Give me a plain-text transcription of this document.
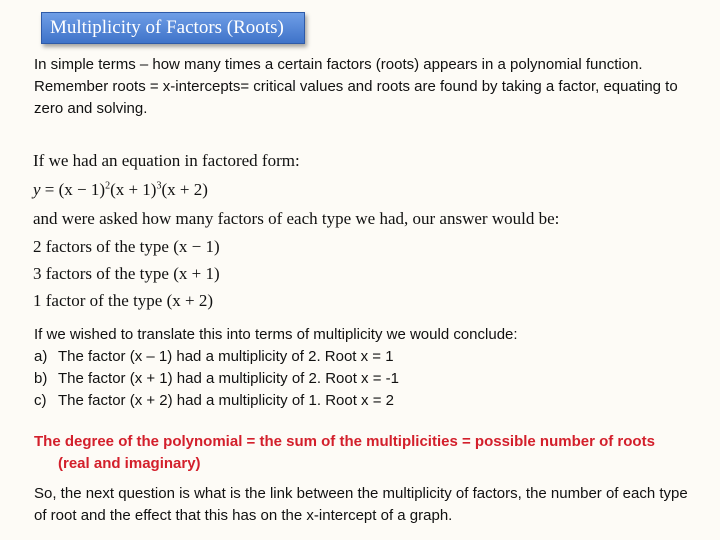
Multiplicity of Factors (Roots)

In simple terms – how many times a certain factors (roots) appears in a polynomial function.

Remember roots = x-intercepts= critical values and roots are found by taking a factor, equating to zero and solving.

If we had an equation in factored form:
$y = (x - 1)^2(x + 1)^3(x + 2)$
and were asked how many factors of each type we had, our answer would be:
2 factors of the type (x − 1)
3 factors of the type (x + 1)
1 factor of the type (x + 2)
If we wished to translate this into terms of multiplicity we would conclude:
a) The factor (x – 1) had a multiplicity of 2. Root x = 1
b) The factor (x + 1) had a multiplicity of 2. Root x = -1
c) The factor (x + 2) had a multiplicity of 1. Root x = 2
The degree of the polynomial = the sum of the multiplicities = possible number of roots
(real and imaginary)
So, the next question is what is the link between the multiplicity of factors, the number of each type of root and the effect that this has on the x-intercept of a graph.
